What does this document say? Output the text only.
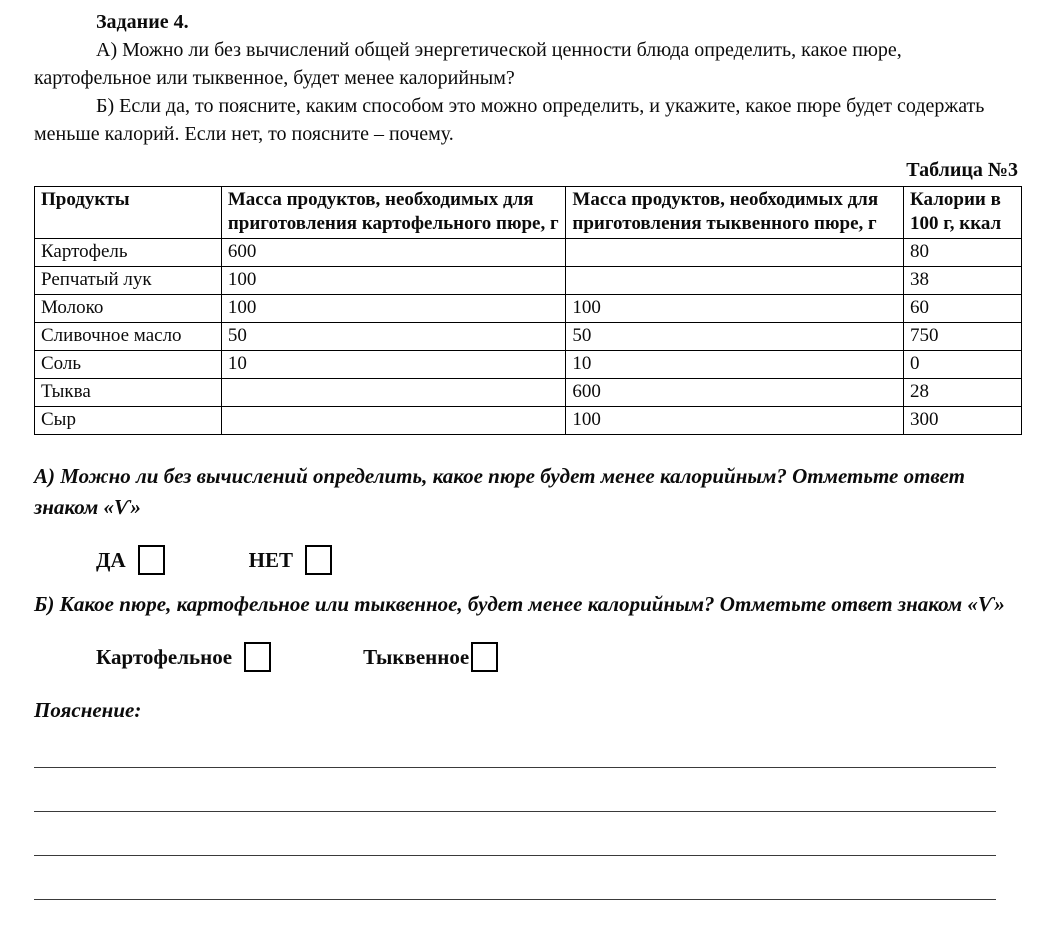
Задание 4.
А) Можно ли без вычислений общей энергетической ценности блюда определить, какое пюре, картофельное или тыквенное, будет менее калорийным?
Б) Если да, то поясните, каким способом это можно определить, и укажите, какое пюре будет содержать меньше калорий. Если нет, то поясните – почему.
Таблица №3
Продукты	Масса продуктов, необходимых для приготовления картофельного пюре, г	Масса продуктов, необходимых для приготовления тыквенного пюре, г	Калории в 100 г, ккал
Картофель	600		80
Репчатый лук	100		38
Молоко	100	100	60
Сливочное масло	50	50	750
Соль	10	10	0
Тыква		600	28
Сыр		100	300
А) Можно ли без вычислений определить, какое пюре будет менее калорийным? Отметьте ответ знаком «Ѵ»
ДА	НЕТ
Б) Какое пюре, картофельное или тыквенное, будет менее калорийным? Отметьте ответ знаком «Ѵ»
Картофельное	Тыквенное
Пояснение:
